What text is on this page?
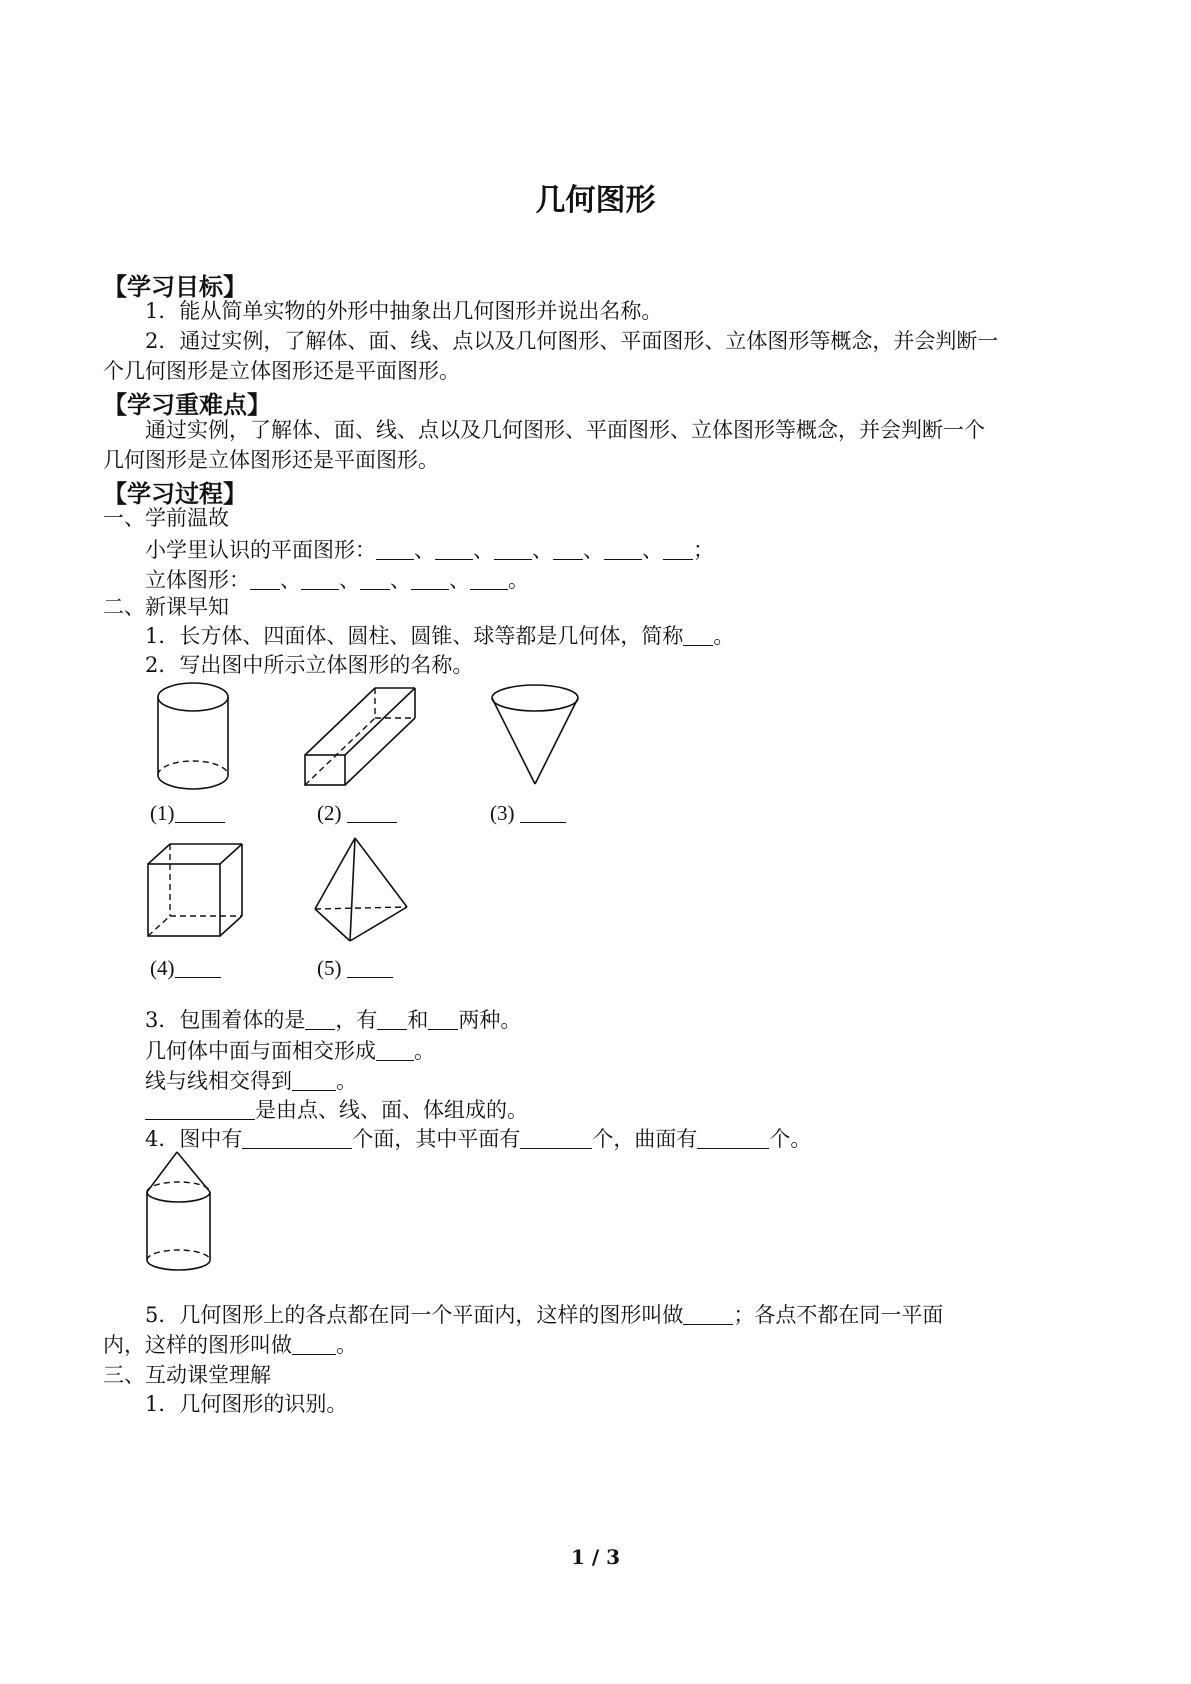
几何图形
【学习目标】
1．能从简单实物的外形中抽象出几何图形并说出名称。
2．通过实例，了解体、面、线、点以及几何图形、平面图形、立体图形等概念，并会判断一
个几何图形是立体图形还是平面图形。
【学习重难点】
通过实例，了解体、面、线、点以及几何图形、平面图形、立体图形等概念，并会判断一个
几何图形是立体图形还是平面图形。
【学习过程】
一、学前温故
小学里认识的平面图形： 、 、 、 、 、 ；
立体图形： 、 、 、 、 。
二、新课早知
1．长方体、四面体、圆柱、圆锥、球等都是几何体，简称 。
2．写出图中所示立体图形的名称。
(1)	(2)	(3)
(4)	(5)
3．包围着体的是 ，有 和 两种。
几何体中面与面相交形成 。
线与线相交得到 。
是由点、线、面、体组成的。
4．图中有	个面，其中平面有	个，曲面有	个。
5．几何图形上的各点都在同一个平面内，这样的图形叫做 ；各点不都在同一平面
内，这样的图形叫做 。
三、互动课堂理解
1．几何图形的识别。
1 / 3
